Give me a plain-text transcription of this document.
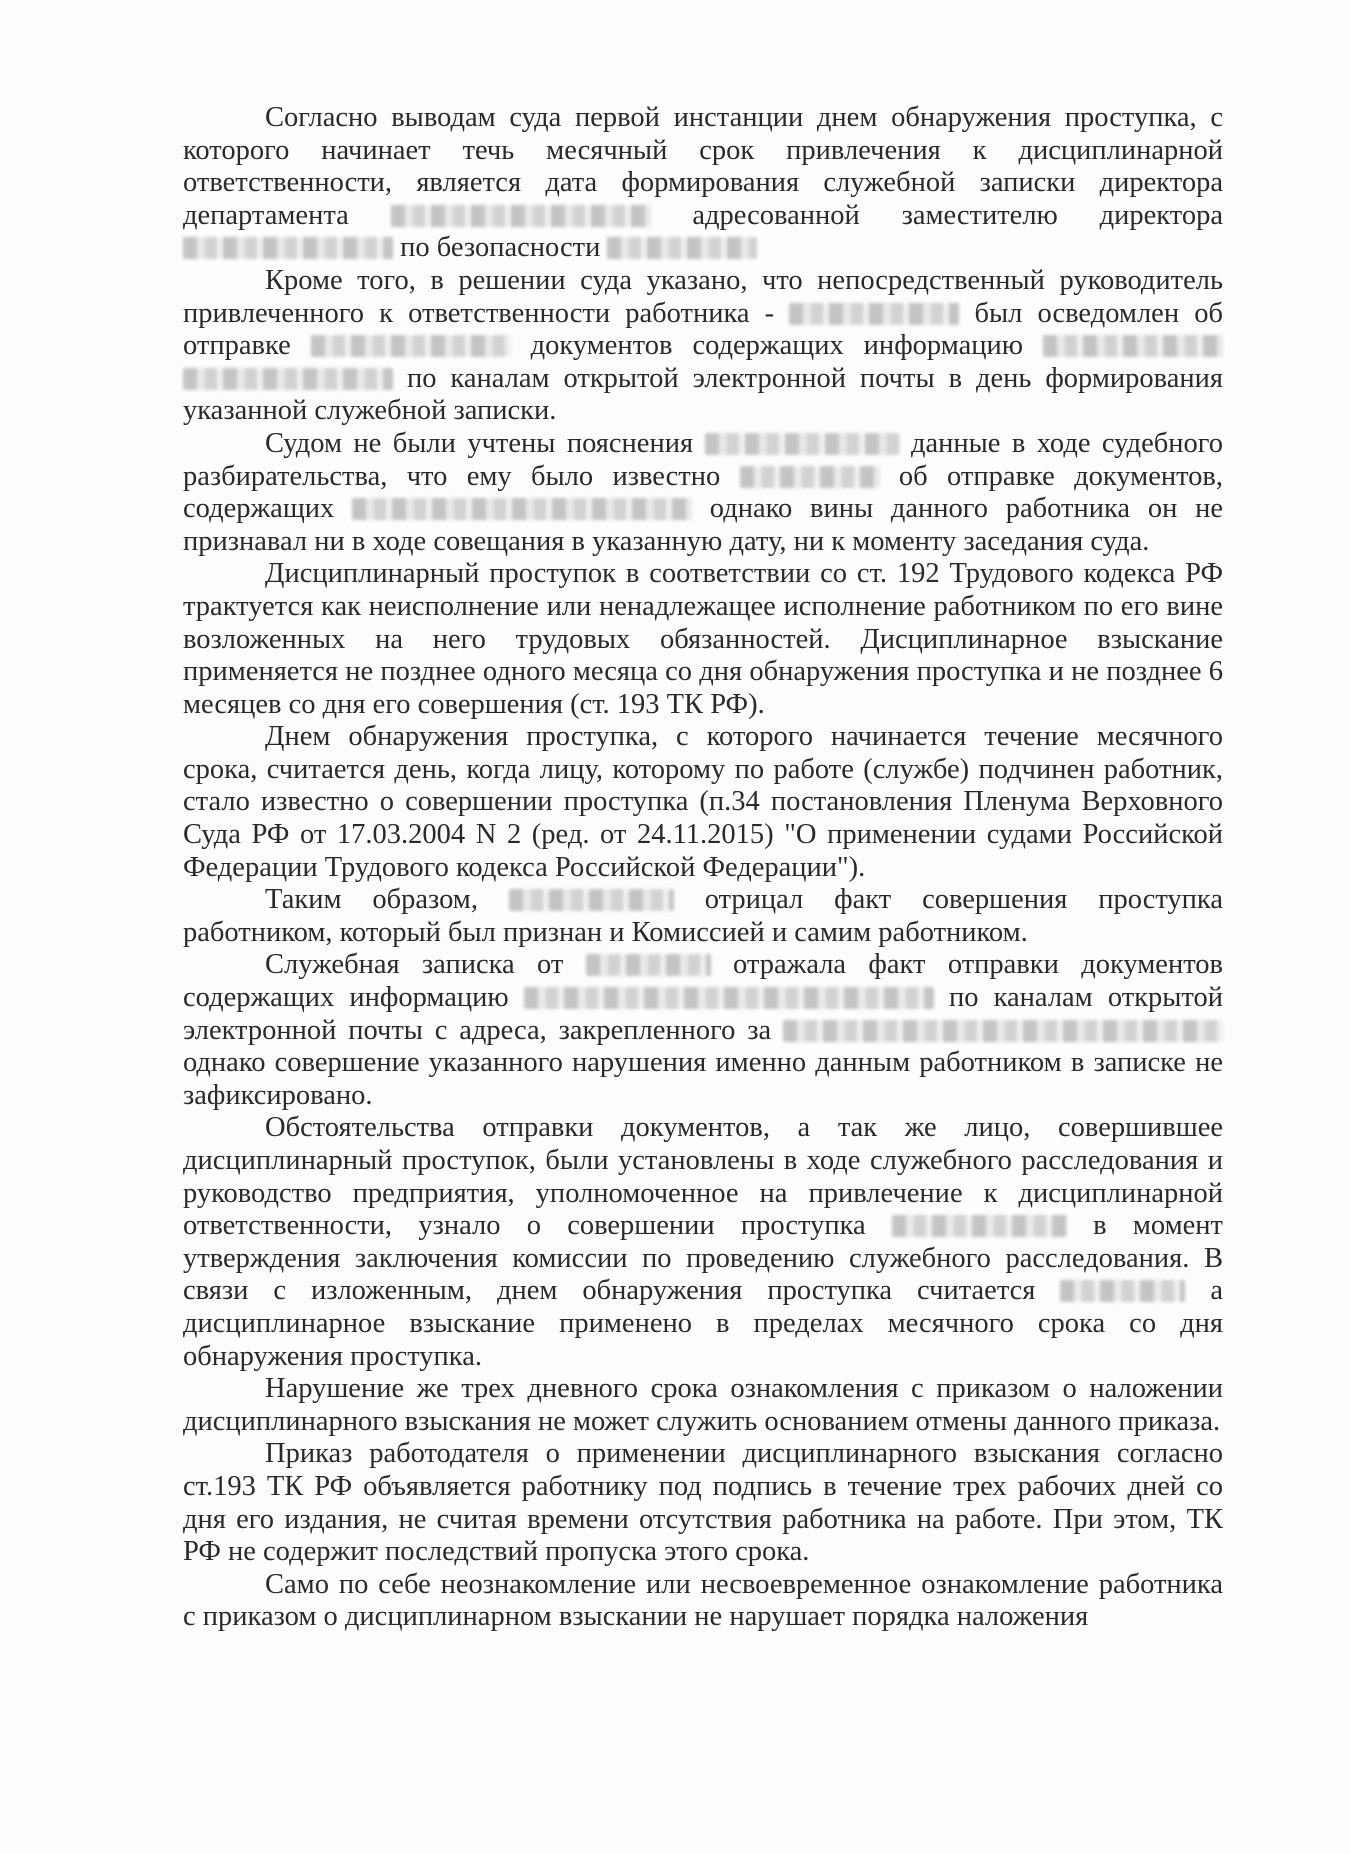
Согласно выводам суда первой инстанции днем обнаружения проступка, с которого начинает течь месячный срок привлечения к дисциплинарной ответственности, является дата формирования служебной записки директора департамента	адресованной заместителю директора  по безопасности

Кроме того, в решении суда указано, что непосредственный руководитель привлеченного к ответственности работника -	был осведомлен об отправке	документов содержащих информацию   по каналам открытой электронной почты в день формирования указанной служебной записки.

Судом не были учтены пояснения	данные в ходе судебного разбирательства, что ему было известно	об отправке документов, содержащих	однако вины данного работника он не признавал ни в ходе совещания в указанную дату, ни к моменту заседания суда.

Дисциплинарный проступок в соответствии со ст. 192 Трудового кодекса РФ трактуется как неисполнение или ненадлежащее исполнение работником по его вине возложенных на него трудовых обязанностей. Дисциплинарное взыскание применяется не позднее одного месяца со дня обнаружения проступка и не позднее 6 месяцев со дня его совершения (ст. 193 ТК РФ).

Днем обнаружения проступка, с которого начинается течение месячного срока, считается день, когда лицу, которому по работе (службе) подчинен работник, стало известно о совершении проступка (п.34 постановления Пленума Верховного Суда РФ от 17.03.2004 N 2 (ред. от 24.11.2015) "О применении судами Российской Федерации Трудового кодекса Российской Федерации").

Таким образом,	отрицал факт совершения проступка работником, который был признан и Комиссией и самим работником.

Служебная записка от	отражала факт отправки документов содержащих информацию	по каналам открытой электронной почты с адреса, закрепленного за  однако совершение указанного нарушения именно данным работником в записке не зафиксировано.

Обстоятельства отправки документов, а так же лицо, совершившее дисциплинарный проступок, были установлены в ходе служебного расследования и руководство предприятия, уполномоченное на привлечение к дисциплинарной ответственности, узнало о совершении проступка	в момент утверждения заключения комиссии по проведению служебного расследования. В связи с изложенным, днем обнаружения проступка считается	а дисциплинарное взыскание применено в пределах месячного срока со дня обнаружения проступка.

Нарушение же трех дневного срока ознакомления с приказом о наложении дисциплинарного взыскания не может служить основанием отмены данного приказа.

Приказ работодателя о применении дисциплинарного взыскания согласно ст.193 ТК РФ объявляется работнику под подпись в течение трех рабочих дней со дня его издания, не считая времени отсутствия работника на работе. При этом, ТК РФ не содержит последствий пропуска этого срока.

Само по себе неознакомление или несвоевременное ознакомление работника с приказом о дисциплинарном взыскании не нарушает порядка наложения
